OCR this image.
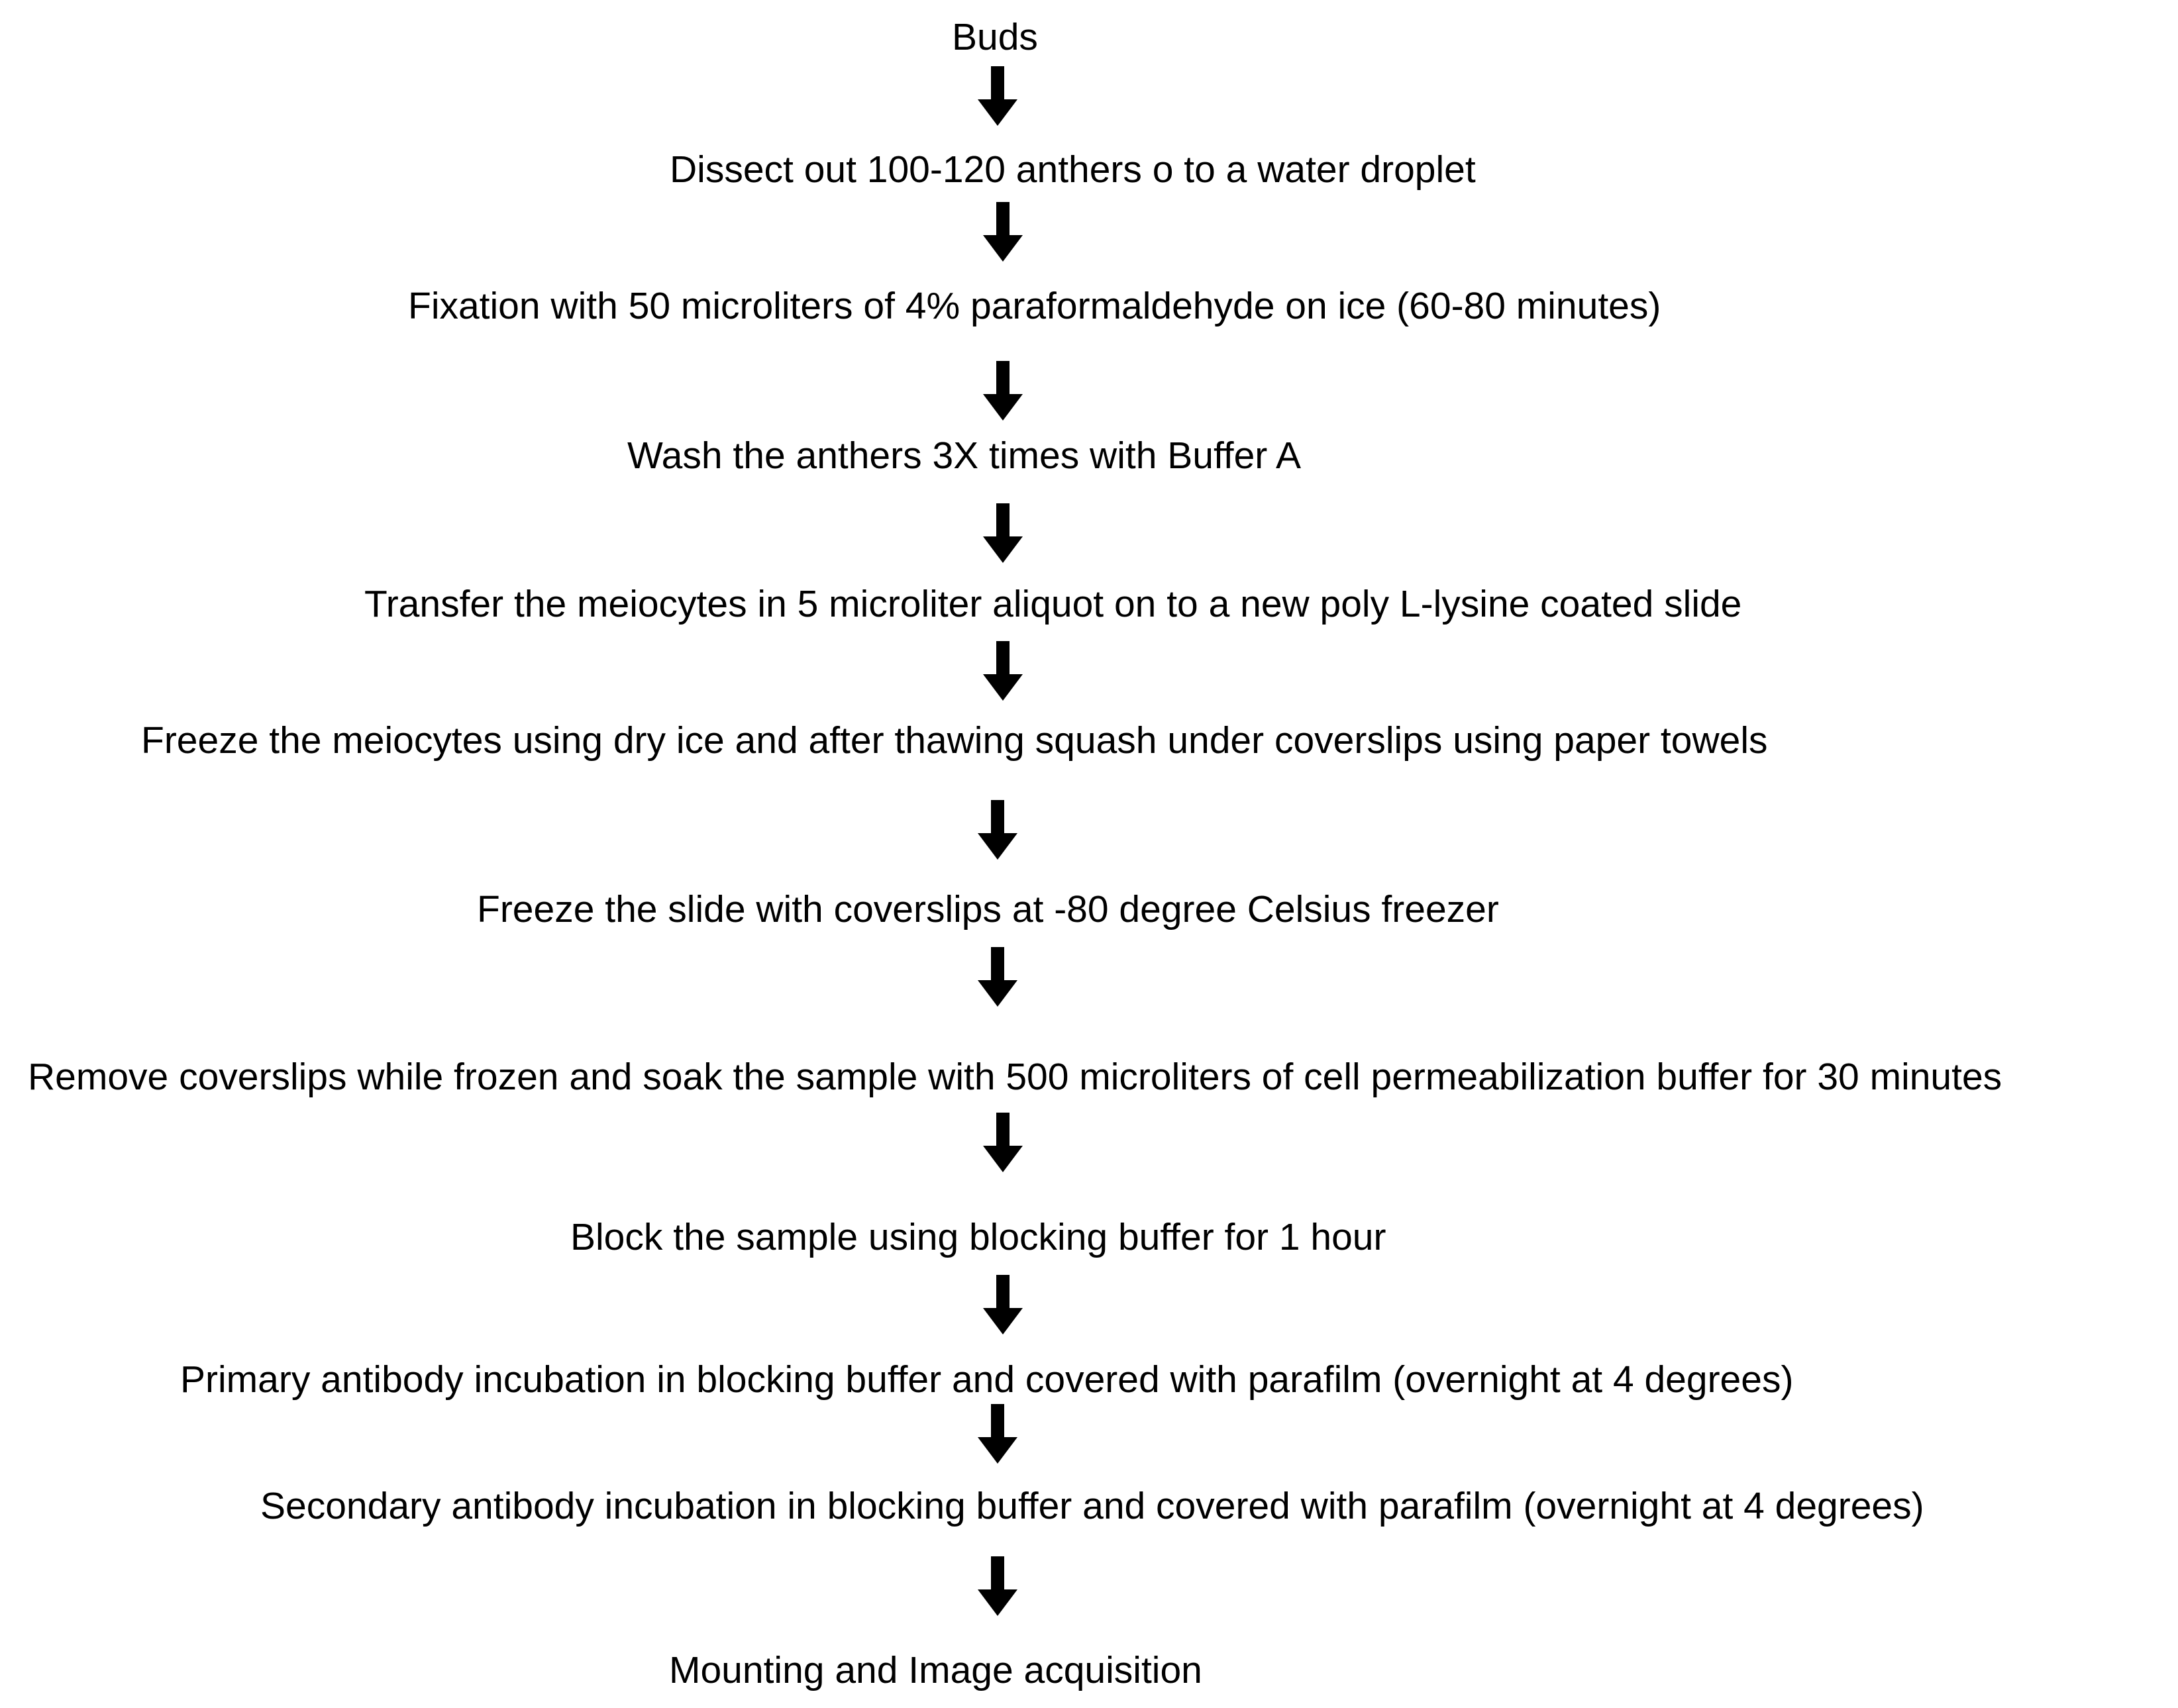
Buds
Dissect out 100-120 anthers o to a water droplet
Fixation with 50 microliters of 4% paraformaldehyde on ice (60-80 minutes)
Wash the anthers 3X times with Buffer A
Transfer the meiocytes in 5 microliter aliquot on to a new poly L-lysine coated slide
Freeze the meiocytes using dry ice and after thawing squash under coverslips using paper towels
Freeze the slide with coverslips at -80 degree Celsius freezer
Remove coverslips while frozen and soak the sample with 500 microliters of cell permeabilization buffer for 30 minutes
Block the sample using blocking buffer for 1 hour
Primary antibody incubation in blocking buffer and covered with parafilm (overnight at 4 degrees)
Secondary antibody incubation in blocking buffer and covered with parafilm (overnight at 4 degrees)
Mounting and Image acquisition
